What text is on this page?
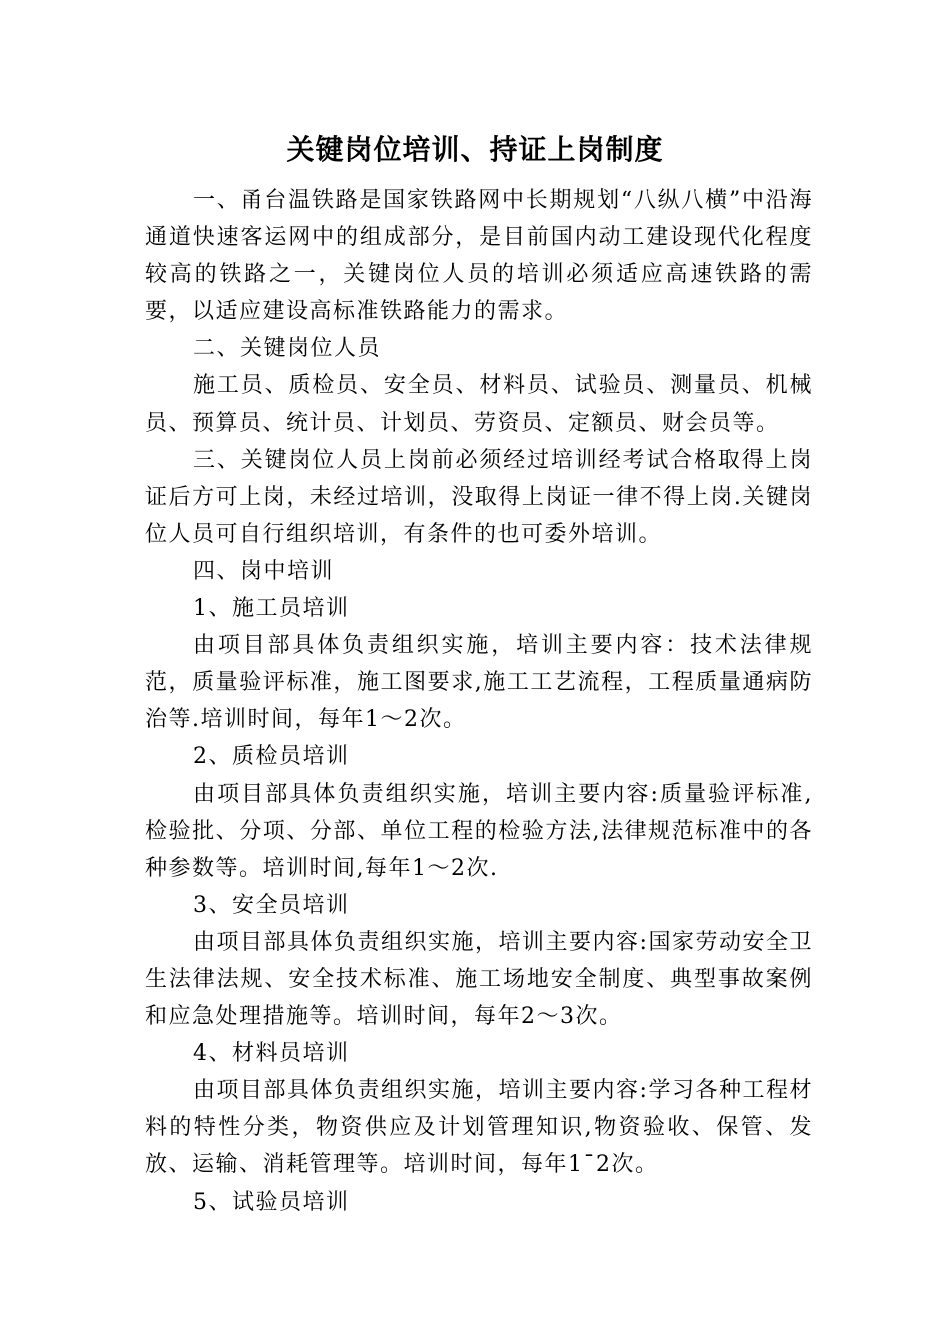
关键岗位培训、持证上岗制度

一、甬台温铁路是国家铁路网中长期规划“八纵八横”中沿海通道快速客运网中的组成部分，是目前国内动工建设现代化程度较高的铁路之一，关键岗位人员的培训必须适应高速铁路的需要，以适应建设高标准铁路能力的需求。

二、关键岗位人员

施工员、质检员、安全员、材料员、试验员、测量员、机械员、预算员、统计员、计划员、劳资员、定额员、财会员等。

三、关键岗位人员上岗前必须经过培训经考试合格取得上岗证后方可上岗，未经过培训，没取得上岗证一律不得上岗.关键岗位人员可自行组织培训，有条件的也可委外培训。

四、岗中培训

1、施工员培训

由项目部具体负责组织实施，培训主要内容：技术法律规范，质量验评标准，施工图要求,施工工艺流程，工程质量通病防治等.培训时间，每年1～2次。

2、质检员培训

由项目部具体负责组织实施，培训主要内容:质量验评标准,检验批、分项、分部、单位工程的检验方法,法律规范标准中的各种参数等。培训时间,每年1～2次.

3、安全员培训

由项目部具体负责组织实施，培训主要内容:国家劳动安全卫生法律法规、安全技术标准、施工场地安全制度、典型事故案例和应急处理措施等。培训时间，每年2～3次。

4、材料员培训

由项目部具体负责组织实施，培训主要内容:学习各种工程材料的特性分类，物资供应及计划管理知识,物资验收、保管、发放、运输、消耗管理等。培训时间，每年1¯2次。

5、试验员培训
